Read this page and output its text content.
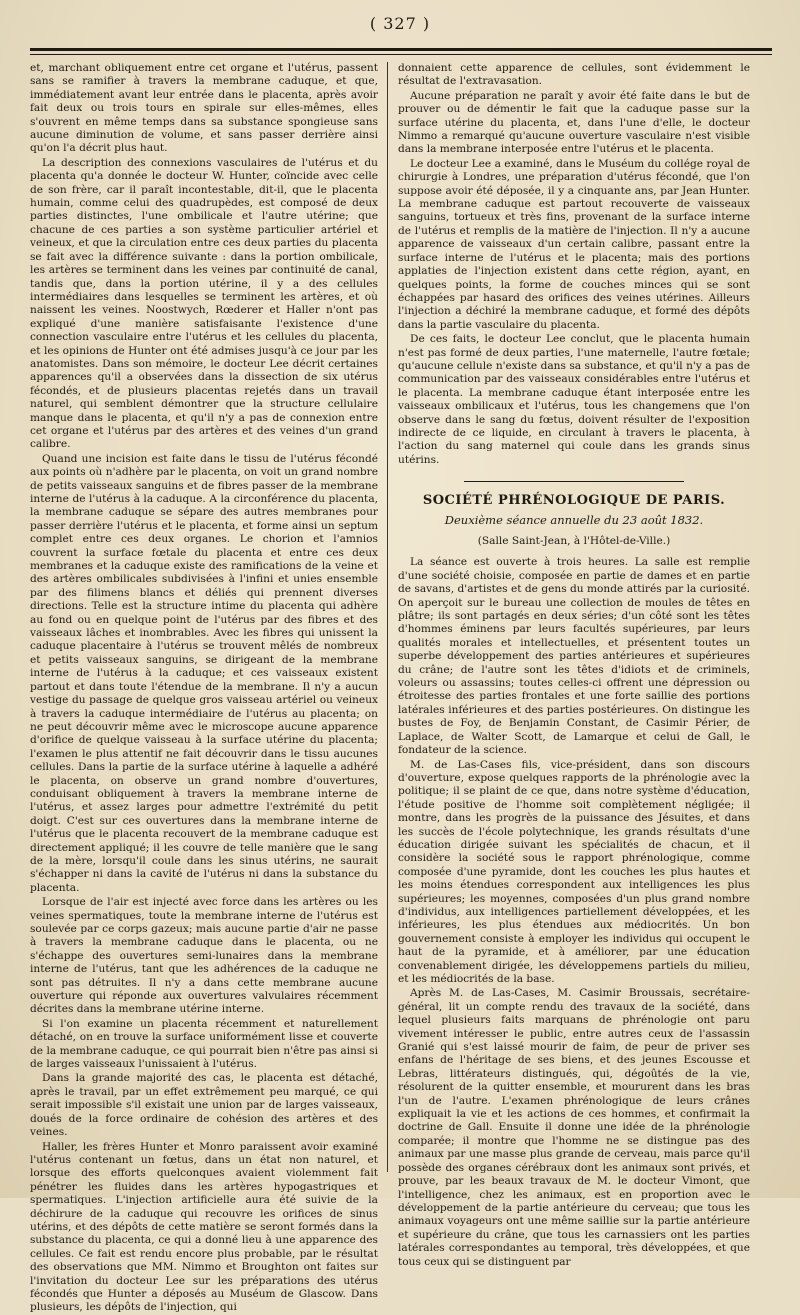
( 327 )

et, marchant obliquement entre cet organe et l'utérus, passent sans se ramifier à travers la membrane caduque, et que, immédiatement avant leur entrée dans le placenta, après avoir fait deux ou trois tours en spirale sur elles-mêmes, elles s'ouvrent en même temps dans sa substance spongieuse sans aucune diminution de volume, et sans passer derrière ainsi qu'on l'a décrit plus haut.

La description des connexions vasculaires de l'utérus et du placenta qu'a donnée le docteur W. Hunter, coïncide avec celle de son frère, car il paraît incontestable, dit-il, que le placenta humain, comme celui des quadrupèdes, est composé de deux parties distinctes, l'une ombilicale et l'autre utérine; que chacune de ces parties a son système particulier artériel et veineux, et que la circulation entre ces deux parties du placenta se fait avec la différence suivante : dans la portion ombilicale, les artères se terminent dans les veines par continuité de canal, tandis que, dans la portion utérine, il y a des cellules intermédiaires dans lesquelles se terminent les artères, et où naissent les veines. Noostwych, Rœderer et Haller n'ont pas expliqué d'une manière satisfaisante l'existence d'une connection vasculaire entre l'utérus et les cellules du placenta, et les opinions de Hunter ont été admises jusqu'à ce jour par les anatomistes. Dans son mémoire, le docteur Lee décrit certaines apparences qu'il a observées dans la dissection de six utérus fécondés, et de plusieurs placentas rejetés dans un travail naturel, qui semblent démontrer que la structure cellulaire manque dans le placenta, et qu'il n'y a pas de connexion entre cet organe et l'utérus par des artères et des veines d'un grand calibre.

Quand une incision est faite dans le tissu de l'utérus fécondé aux points où n'adhère par le placenta, on voit un grand nombre de petits vaisseaux sanguins et de fibres passer de la membrane interne de l'utérus à la caduque. A la circonférence du placenta, la membrane caduque se sépare des autres membranes pour passer derrière l'utérus et le placenta, et forme ainsi un septum complet entre ces deux organes. Le chorion et l'amnios couvrent la surface fœtale du placenta et entre ces deux membranes et la caduque existe des ramifications de la veine et des artères ombilicales subdivisées à l'infini et unies ensemble par des filimens blancs et déliés qui prennent diverses directions. Telle est la structure intime du placenta qui adhère au fond ou en quelque point de l'utérus par des fibres et des vaisseaux lâches et inombrables. Avec les fibres qui unissent la caduque placentaire à l'utérus se trouvent mêlés de nombreux et petits vaisseaux sanguins, se dirigeant de la membrane interne de l'utérus à la caduque; et ces vaisseaux existent partout et dans toute l'étendue de la membrane. Il n'y a aucun vestige du passage de quelque gros vaisseau artériel ou veineux à travers la caduque intermédiaire de l'utérus au placenta; on ne peut découvrir même avec le microscope aucune apparence d'orifice de quelque vaisseau à la surface utérine du placenta; l'examen le plus attentif ne fait découvrir dans le tissu aucunes cellules. Dans la partie de la surface utérine à laquelle a adhéré le placenta, on observe un grand nombre d'ouvertures, conduisant obliquement à travers la membrane interne de l'utérus, et assez larges pour admettre l'extrémité du petit doigt. C'est sur ces ouvertures dans la membrane interne de l'utérus que le placenta recouvert de la membrane caduque est directement appliqué; il les couvre de telle manière que le sang de la mère, lorsqu'il coule dans les sinus utérins, ne saurait s'échapper ni dans la cavité de l'utérus ni dans la substance du placenta.

Lorsque de l'air est injecté avec force dans les artères ou les veines spermatiques, toute la membrane interne de l'utérus est soulevée par ce corps gazeux; mais aucune partie d'air ne passe à travers la membrane caduque dans le placenta, ou ne s'échappe des ouvertures semi-lunaires dans la membrane interne de l'utérus, tant que les adhérences de la caduque ne sont pas détruites. Il n'y a dans cette membrane aucune ouverture qui réponde aux ouvertures valvulaires récemment décrites dans la membrane utérine interne.

Si l'on examine un placenta récemment et naturellement détaché, on en trouve la surface uniformément lisse et couverte de la membrane caduque, ce qui pourrait bien n'être pas ainsi si de larges vaisseaux l'unissaient à l'utérus.

Dans la grande majorité des cas, le placenta est détaché, après le travail, par un effet extrêmement peu marqué, ce qui serait impossible s'il existait une union par de larges vaisseaux, doués de la force ordinaire de cohésion des artères et des veines.

Haller, les frères Hunter et Monro paraissent avoir examiné l'utérus contenant un fœtus, dans un état non naturel, et lorsque des efforts quelconques avaient violemment fait pénétrer les fluides dans les artères hypogastriques et spermatiques. L'injection artificielle aura été suivie de la déchirure de la caduque qui recouvre les orifices de sinus utérins, et des dépôts de cette matière se seront formés dans la substance du placenta, ce qui a donné lieu à une apparence des cellules. Ce fait est rendu encore plus probable, par le résultat des observations que MM. Nimmo et Broughton ont faites sur l'invitation du docteur Lee sur les préparations des utérus fécondés que Hunter a déposés au Muséum de Glascow. Dans plusieurs, les dépôts de l'injection, qui

donnaient cette apparence de cellules, sont évidemment le résultat de l'extravasation.

Aucune préparation ne paraît y avoir été faite dans le but de prouver ou de démentir le fait que la caduque passe sur la surface utérine du placenta, et, dans l'une d'elle, le docteur Nimmo a remarqué qu'aucune ouverture vasculaire n'est visible dans la membrane interposée entre l'utérus et le placenta.

Le docteur Lee a examiné, dans le Muséum du collége royal de chirurgie à Londres, une préparation d'utérus fécondé, que l'on suppose avoir été déposée, il y a cinquante ans, par Jean Hunter. La membrane caduque est partout recouverte de vaisseaux sanguins, tortueux et très fins, provenant de la surface interne de l'utérus et remplis de la matière de l'injection. Il n'y a aucune apparence de vaisseaux d'un certain calibre, passant entre la surface interne de l'utérus et le placenta; mais des portions applaties de l'injection existent dans cette région, ayant, en quelques points, la forme de couches minces qui se sont échappées par hasard des orifices des veines utérines. Ailleurs l'injection a déchiré la membrane caduque, et formé des dépôts dans la partie vasculaire du placenta.

De ces faits, le docteur Lee conclut, que le placenta humain n'est pas formé de deux parties, l'une maternelle, l'autre fœtale; qu'aucune cellule n'existe dans sa substance, et qu'il n'y a pas de communication par des vaisseaux considérables entre l'utérus et le placenta. La membrane caduque étant interposée entre les vaisseaux ombilicaux et l'utérus, tous les changemens que l'on observe dans le sang du fœtus, doivent résulter de l'exposition indirecte de ce liquide, en circulant à travers le placenta, à l'action du sang maternel qui coule dans les grands sinus utérins.

SOCIÉTÉ PHRÉNOLOGIQUE DE PARIS.
Deuxième séance annuelle du 23 août 1832.
(Salle Saint-Jean, à l'Hôtel-de-Ville.)

La séance est ouverte à trois heures. La salle est remplie d'une société choisie, composée en partie de dames et en partie de savans, d'artistes et de gens du monde attirés par la curiosité. On aperçoit sur le bureau une collection de moules de têtes en plâtre; ils sont partagés en deux séries; d'un côté sont les têtes d'hommes éminens par leurs facultés supérieures, par leurs qualités morales et intellectuelles, et présentent toutes un superbe développement des parties antérieures et supérieures du crâne; de l'autre sont les têtes d'idiots et de criminels, voleurs ou assassins; toutes celles-ci offrent une dépression ou étroitesse des parties frontales et une forte saillie des portions latérales inférieures et des parties postérieures. On distingue les bustes de Foy, de Benjamin Constant, de Casimir Périer, de Laplace, de Walter Scott, de Lamarque et celui de Gall, le fondateur de la science.

M. de Las-Cases fils, vice-président, dans son discours d'ouverture, expose quelques rapports de la phrénologie avec la politique; il se plaint de ce que, dans notre système d'éducation, l'étude positive de l'homme soit complètement négligée; il montre, dans les progrès de la puissance des Jésuites, et dans les succès de l'école polytechnique, les grands résultats d'une éducation dirigée suivant les spécialités de chacun, et il considère la société sous le rapport phrénologique, comme composée d'une pyramide, dont les couches les plus hautes et les moins étendues correspondent aux intelligences les plus supérieures; les moyennes, composées d'un plus grand nombre d'individus, aux intelligences partiellement développées, et les inférieures, les plus étendues aux médiocrités. Un bon gouvernement consiste à employer les individus qui occupent le haut de la pyramide, et à améliorer, par une éducation convenablement dirigée, les développemens partiels du milieu, et les médiocrités de la base.

Après M. de Las-Cases, M. Casimir Broussais, secrétaire-général, lit un compte rendu des travaux de la société, dans lequel plusieurs faits marquans de phrénologie ont paru vivement intéresser le public, entre autres ceux de l'assassin Granié qui s'est laissé mourir de faim, de peur de priver ses enfans de l'héritage de ses biens, et des jeunes Escousse et Lebras, littérateurs distingués, qui, dégoûtés de la vie, résolurent de la quitter ensemble, et moururent dans les bras l'un de l'autre. L'examen phrénologique de leurs crânes expliquait la vie et les actions de ces hommes, et confirmait la doctrine de Gall. Ensuite il donne une idée de la phrénologie comparée; il montre que l'homme ne se distingue pas des animaux par une masse plus grande de cerveau, mais parce qu'il possède des organes cérébraux dont les animaux sont privés, et prouve, par les beaux travaux de M. le docteur Vimont, que l'intelligence, chez les animaux, est en proportion avec le développement de la partie antérieure du cerveau; que tous les animaux voyageurs ont une même saillie sur la partie antérieure et supérieure du crâne, que tous les carnassiers ont les parties latérales correspondantes au temporal, très développées, et que tous ceux qui se distinguent par
